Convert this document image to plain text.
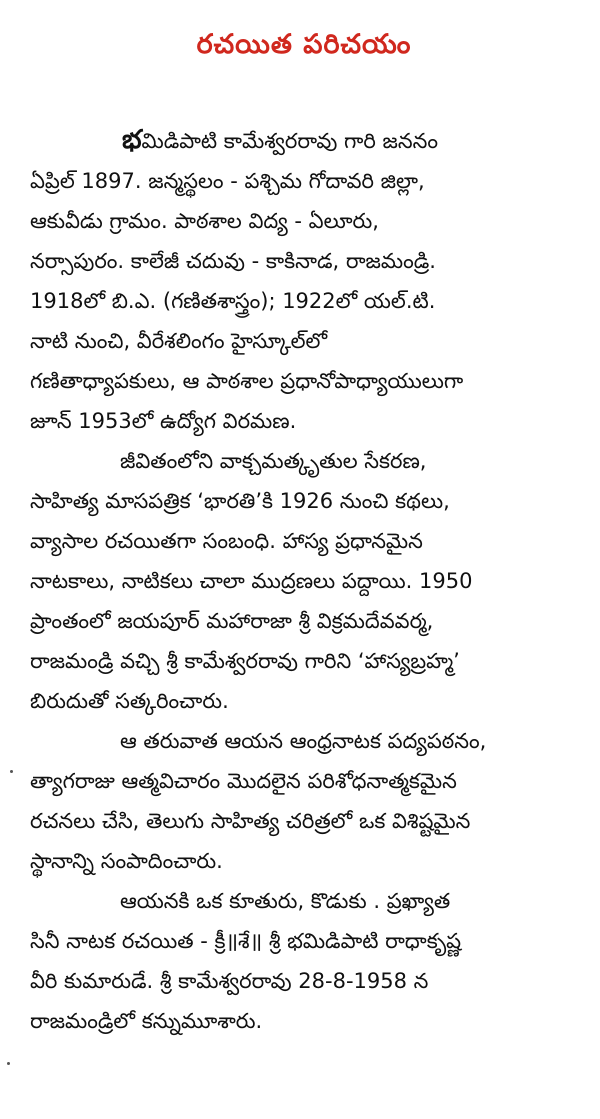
రచయిత పరిచయం

భమిడిపాటి కామేశ్వరరావు గారి జననం
ఏప్రిల్ 1897. జన్మస్థలం - పశ్చిమ గోదావరి జిల్లా,
ఆకువీడు గ్రామం. పాఠశాల విద్య - ఏలూరు,
నర్సాపురం. కాలేజీ చదువు - కాకినాడ, రాజమండ్రి.
1918లో బి.ఎ. (గణితశాస్త్రం); 1922లో యల్.టి.
నాటి నుంచి, వీరేశలింగం హైస్కూల్‌లో
గణితాధ్యాపకులు, ఆ పాఠశాల ప్రధానోపాధ్యాయులుగా
జూన్ 1953లో ఉద్యోగ విరమణ.

జీవితంలోని వాక్చమత్కృతుల సేకరణ,
సాహిత్య మాసపత్రిక ‘భారతి’కి 1926 నుంచి కథలు,
వ్యాసాల రచయితగా సంబంధి. హాస్య ప్రధానమైన
నాటకాలు, నాటికలు చాలా ముద్రణలు పద్దాయి. 1950
ప్రాంతంలో జయపూర్ మహారాజా శ్రీ విక్రమదేవవర్మ,
రాజమండ్రి వచ్చి శ్రీ కామేశ్వరరావు గారిని ‘హాస్యబ్రహ్మ’
బిరుదుతో సత్కరించారు.

ఆ తరువాత ఆయన ఆంధ్రనాటక పద్యపఠనం,
త్యాగరాజు ఆత్మవిచారం మొదలైన పరిశోధనాత్మకమైన
రచనలు చేసి, తెలుగు సాహిత్య చరిత్రలో ఒక విశిష్టమైన
స్థానాన్ని సంపాదించారు.

ఆయనకి ఒక కూతురు, కొడుకు . ప్రఖ్యాత
సినీ నాటక రచయిత - క్రీ॥శే॥ శ్రీ భమిడిపాటి రాధాకృష్ణ
వీరి కుమారుడే. శ్రీ కామేశ్వరరావు 28-8-1958 న
రాజమండ్రిలో కన్నుమూశారు.
